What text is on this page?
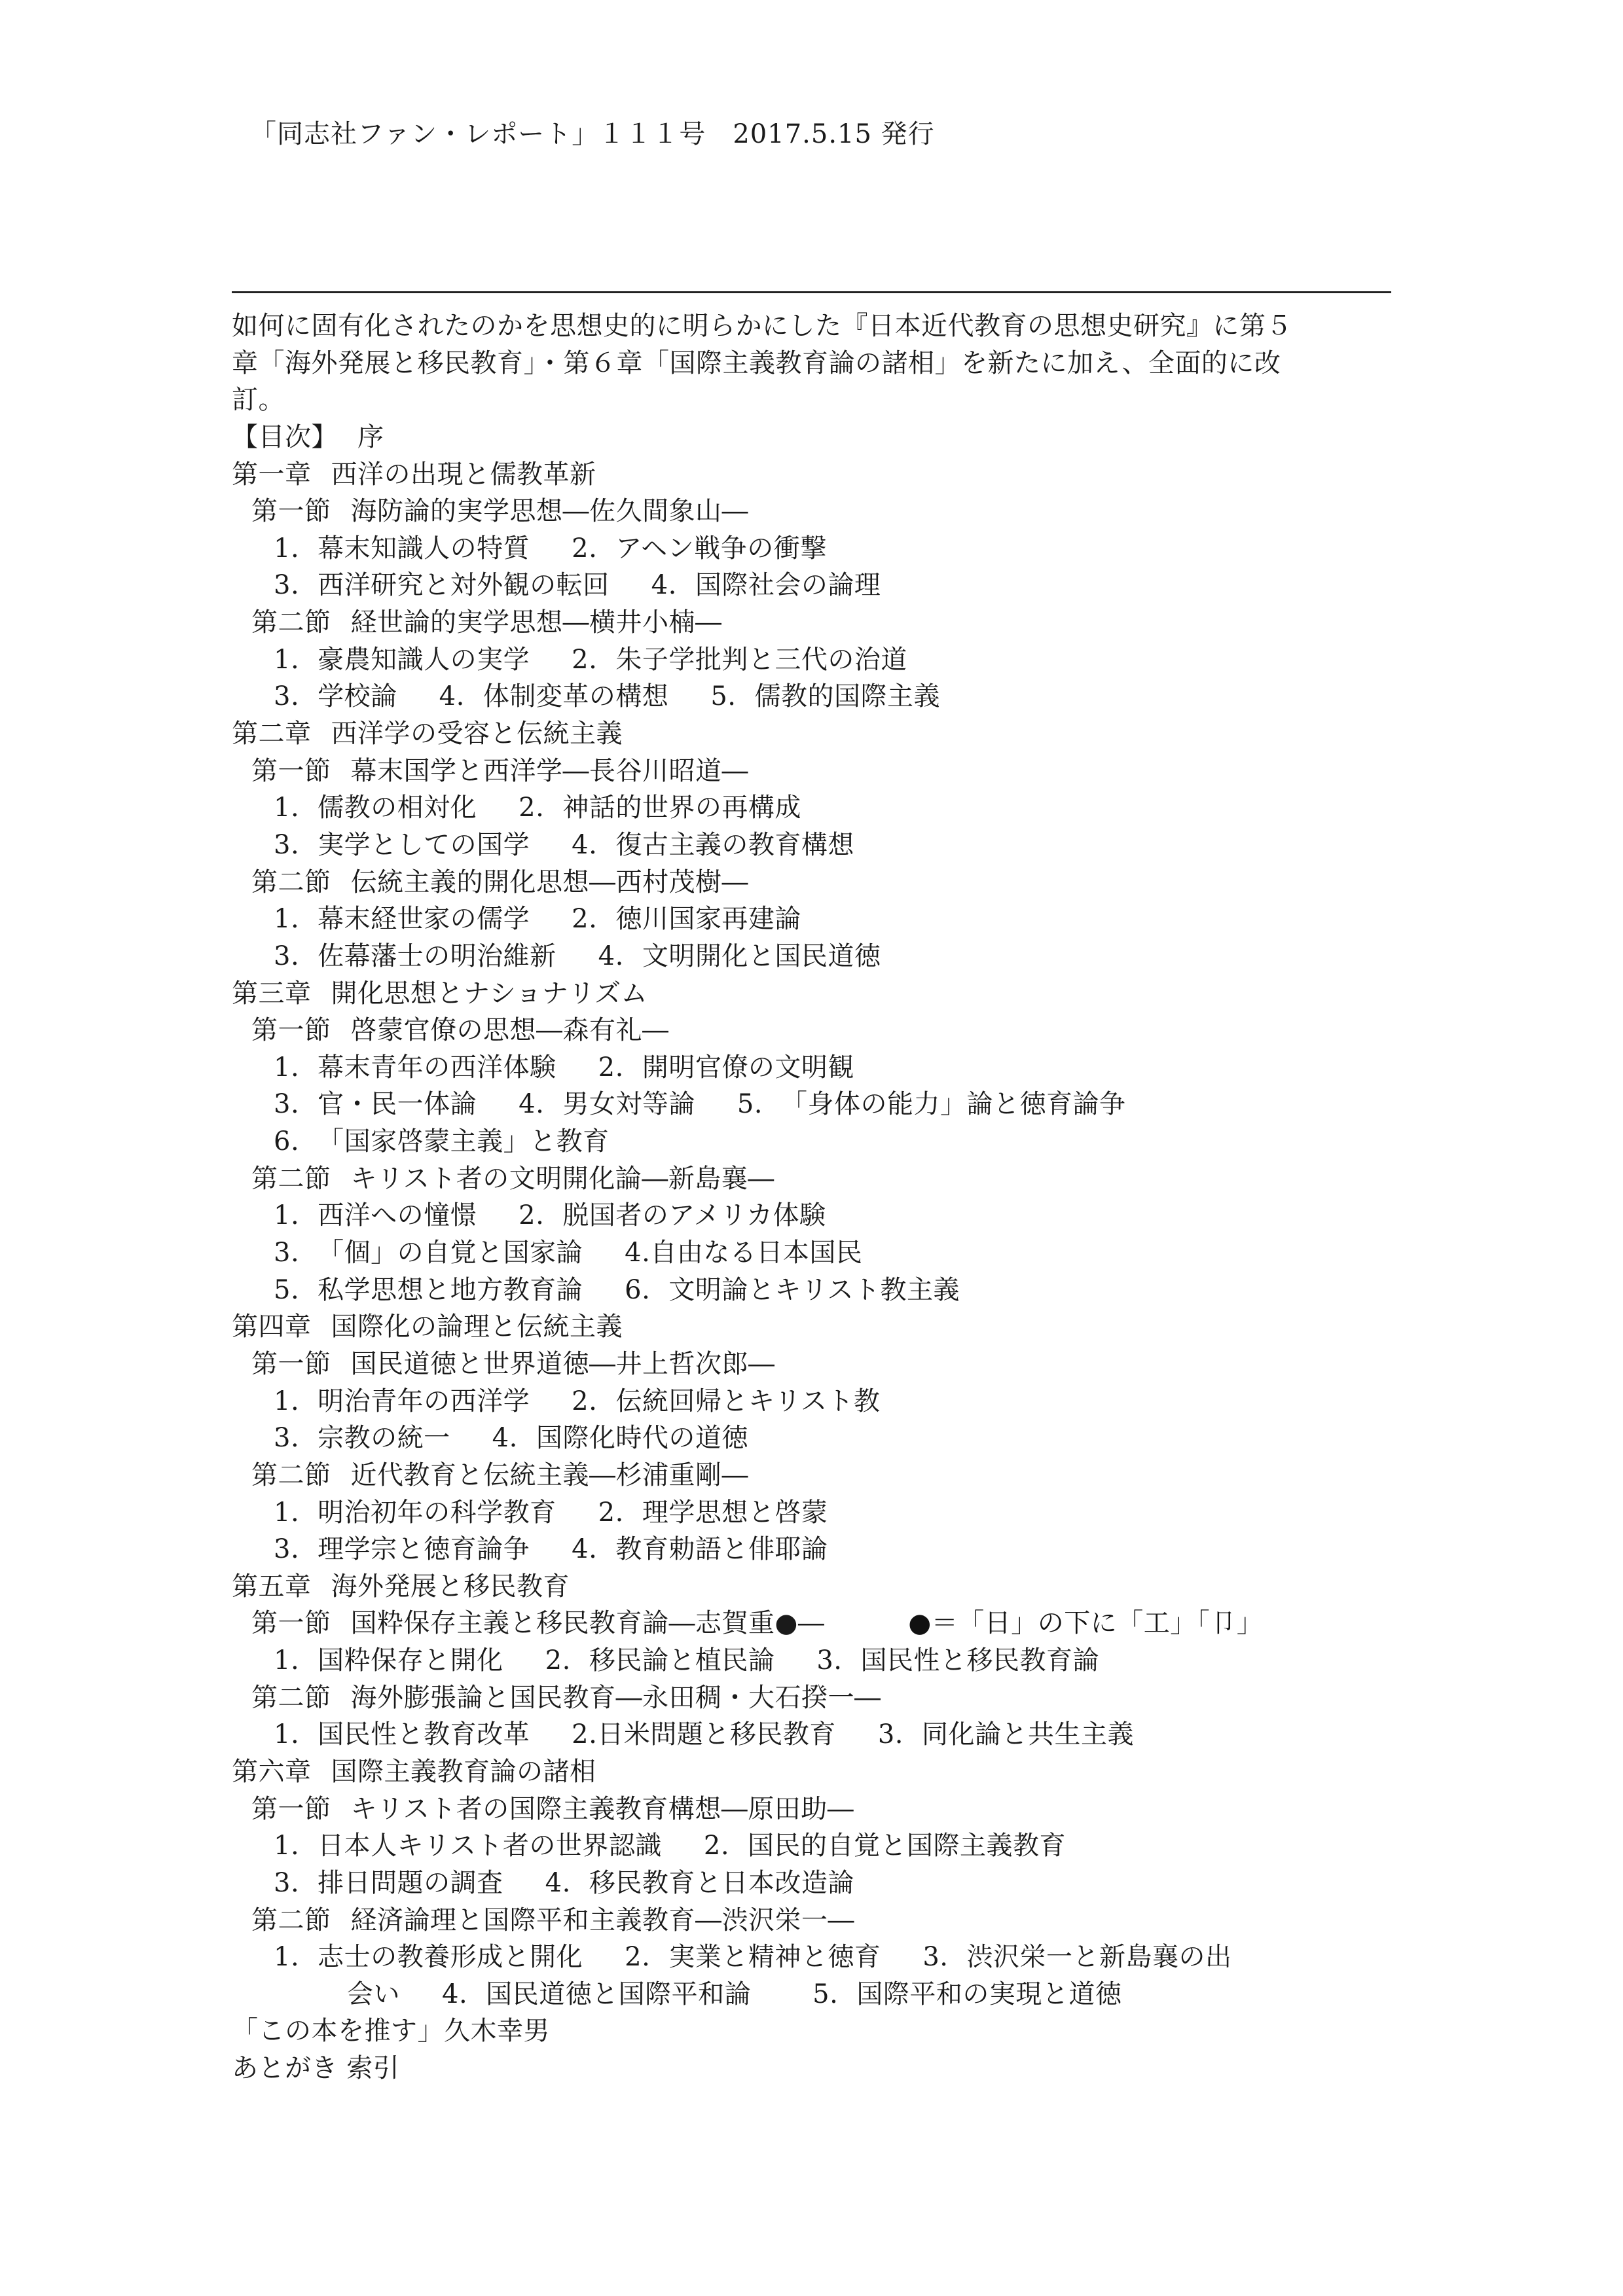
「同志社ファン・レポート」１１１号 2017.5.15 発行
如何に固有化されたのかを思想史的に明らかにした『日本近代教育の思想史研究』に第５
章「海外発展と移民教育」・第６章「国際主義教育論の諸相」を新たに加え、全面的に改
訂。
【目次】 序
第一章 西洋の出現と儒教革新
第一節 海防論的実学思想―佐久間象山―
1. 幕末知識人の特質 2. アヘン戦争の衝撃
3. 西洋研究と対外観の転回 4. 国際社会の論理
第二節 経世論的実学思想―横井小楠―
1. 豪農知識人の実学 2. 朱子学批判と三代の治道
3. 学校論 4. 体制変革の構想 5. 儒教的国際主義
第二章 西洋学の受容と伝統主義
第一節 幕末国学と西洋学―長谷川昭道―
1. 儒教の相対化 2. 神話的世界の再構成
3. 実学としての国学 4. 復古主義の教育構想
第二節 伝統主義的開化思想―西村茂樹―
1. 幕末経世家の儒学 2. 徳川国家再建論
3. 佐幕藩士の明治維新 4. 文明開化と国民道徳
第三章 開化思想とナショナリズム
第一節 啓蒙官僚の思想―森有礼―
1. 幕末青年の西洋体験 2. 開明官僚の文明観
3. 官・民一体論 4. 男女対等論 5. 「身体の能力」論と徳育論争
6. 「国家啓蒙主義」と教育
第二節 キリスト者の文明開化論―新島襄―
1. 西洋への憧憬 2. 脱国者のアメリカ体験
3. 「個」の自覚と国家論 4.自由なる日本国民
5. 私学思想と地方教育論 6. 文明論とキリスト教主義
第四章 国際化の論理と伝統主義
第一節 国民道徳と世界道徳―井上哲次郎―
1. 明治青年の西洋学 2. 伝統回帰とキリスト教
3. 宗教の統一 4. 国際化時代の道徳
第二節 近代教育と伝統主義―杉浦重剛―
1. 明治初年の科学教育 2. 理学思想と啓蒙
3. 理学宗と徳育論争 4. 教育勅語と俳耶論
第五章 海外発展と移民教育
第一節 国粋保存主義と移民教育論―志賀重●―	●＝「日」の下に「工」「卩」
1. 国粋保存と開化 2. 移民論と植民論 3. 国民性と移民教育論
第二節 海外膨張論と国民教育―永田稠・大石揆一―
1. 国民性と教育改革 2.日米問題と移民教育 3. 同化論と共生主義
第六章 国際主義教育論の諸相
第一節 キリスト者の国際主義教育構想―原田助―
1. 日本人キリスト者の世界認識 2. 国民的自覚と国際主義教育
3. 排日問題の調査 4. 移民教育と日本改造論
第二節 経済論理と国際平和主義教育―渋沢栄一―
1. 志士の教養形成と開化 2. 実業と精神と徳育 3. 渋沢栄一と新島襄の出
会い 4. 国民道徳と国際平和論 5. 国際平和の実現と道徳
「この本を推す」久木幸男
あとがき 索引
